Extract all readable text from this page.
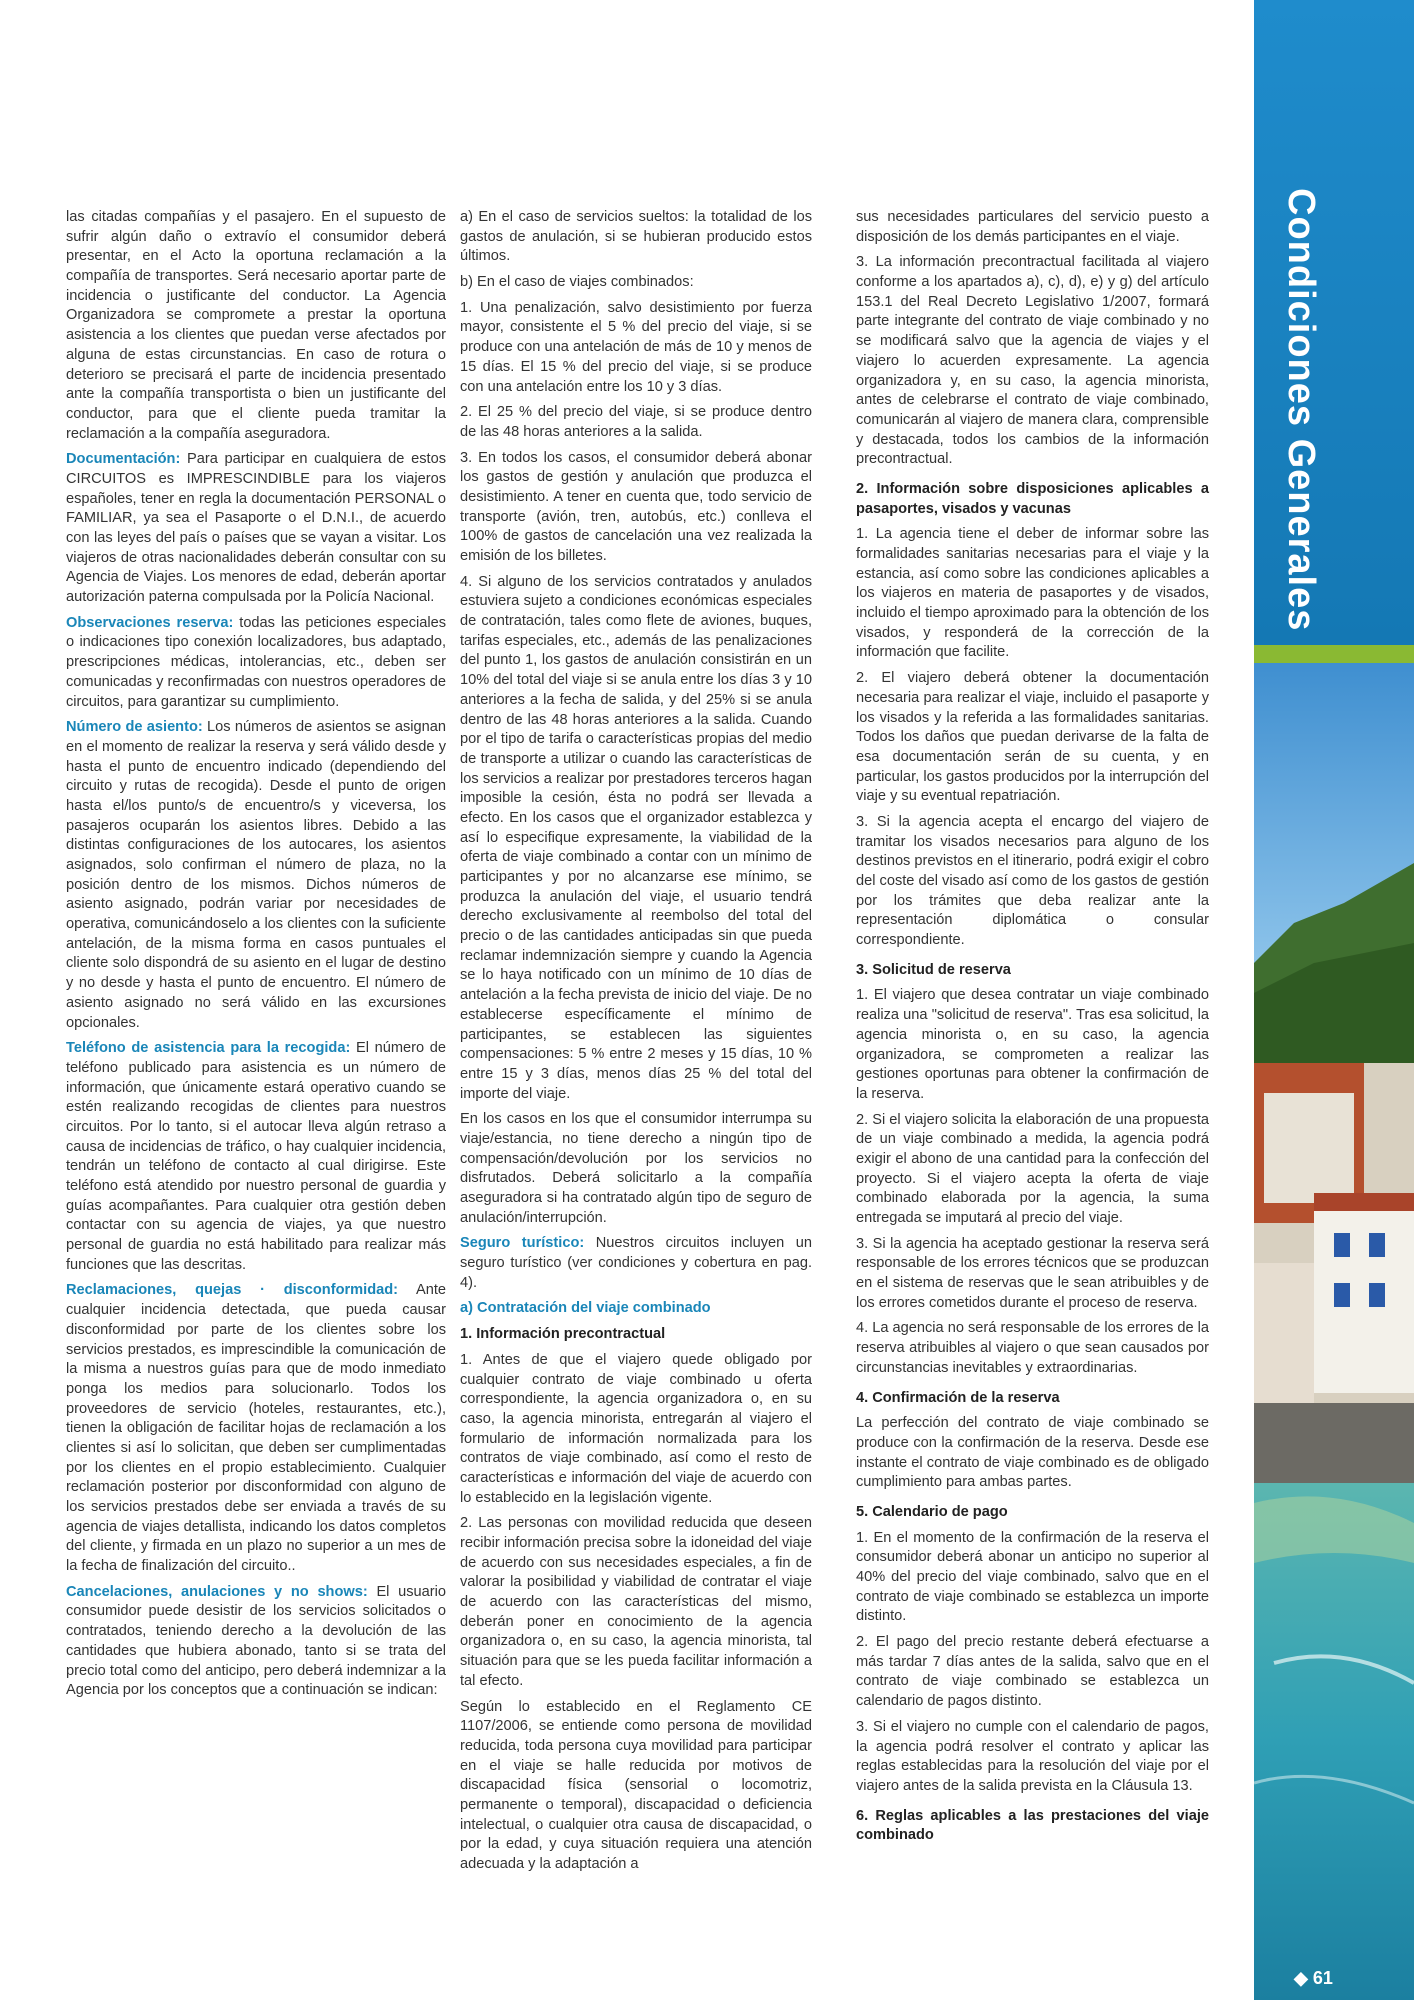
las citadas compañías y el pasajero. En el supuesto de sufrir algún daño o extravío el consumidor deberá presentar, en el Acto la oportuna reclamación a la compañía de transportes. Será necesario aportar parte de incidencia o justificante del conductor. La Agencia Organizadora se compromete a prestar la oportuna asistencia a los clientes que puedan verse afectados por alguna de estas circunstancias. En caso de rotura o deterioro se precisará el parte de incidencia presentado ante la compañía transportista o bien un justificante del conductor, para que el cliente pueda tramitar la reclamación a la compañía aseguradora.

Documentación: Para participar en cualquiera de estos CIRCUITOS es IMPRESCINDIBLE para los viajeros españoles, tener en regla la documentación PERSONAL o FAMILIAR, ya sea el Pasaporte o el D.N.I., de acuerdo con las leyes del país o países que se vayan a visitar. Los viajeros de otras nacionalidades deberán consultar con su Agencia de Viajes. Los menores de edad, deberán aportar autorización paterna compulsada por la Policía Nacional.

Observaciones reserva: todas las peticiones especiales o indicaciones tipo conexión localizadores, bus adaptado, prescripciones médicas, intolerancias, etc., deben ser comunicadas y reconfirmadas con nuestros operadores de circuitos, para garantizar su cumplimiento.

Número de asiento: Los números de asientos se asignan en el momento de realizar la reserva y será válido desde y hasta el punto de encuentro indicado (dependiendo del circuito y rutas de recogida). Desde el punto de origen hasta el/los punto/s de encuentro/s y viceversa, los pasajeros ocuparán los asientos libres. Debido a las distintas configuraciones de los autocares, los asientos asignados, solo confirman el número de plaza, no la posición dentro de los mismos. Dichos números de asiento asignado, podrán variar por necesidades de operativa, comunicándoselo a los clientes con la suficiente antelación, de la misma forma en casos puntuales el cliente solo dispondrá de su asiento en el lugar de destino y no desde y hasta el punto de encuentro. El número de asiento asignado no será válido en las excursiones opcionales.

Teléfono de asistencia para la recogida: El número de teléfono publicado para asistencia es un número de información, que únicamente estará operativo cuando se estén realizando recogidas de clientes para nuestros circuitos. Por lo tanto, si el autocar lleva algún retraso a causa de incidencias de tráfico, o hay cualquier incidencia, tendrán un teléfono de contacto al cual dirigirse. Este teléfono está atendido por nuestro personal de guardia y guías acompañantes. Para cualquier otra gestión deben contactar con su agencia de viajes, ya que nuestro personal de guardia no está habilitado para realizar más funciones que las descritas.

Reclamaciones, quejas · disconformidad: Ante cualquier incidencia detectada, que pueda causar disconformidad por parte de los clientes sobre los servicios prestados, es imprescindible la comunicación de la misma a nuestros guías para que de modo inmediato ponga los medios para solucionarlo. Todos los proveedores de servicio (hoteles, restaurantes, etc.), tienen la obligación de facilitar hojas de reclamación a los clientes si así lo solicitan, que deben ser cumplimentadas por los clientes en el propio establecimiento. Cualquier reclamación posterior por disconformidad con alguno de los servicios prestados debe ser enviada a través de su agencia de viajes detallista, indicando los datos completos del cliente, y firmada en un plazo no superior a un mes de la fecha de finalización del circuito..

Cancelaciones, anulaciones y no shows: El usuario consumidor puede desistir de los servicios solicitados o contratados, teniendo derecho a la devolución de las cantidades que hubiera abonado, tanto si se trata del precio total como del anticipo, pero deberá indemnizar a la Agencia por los conceptos que a continuación se indican:

a) En el caso de servicios sueltos: la totalidad de los gastos de anulación, si se hubieran producido estos últimos.

b) En el caso de viajes combinados:

1. Una penalización, salvo desistimiento por fuerza mayor, consistente el 5 % del precio del viaje, si se produce con una antelación de más de 10 y menos de 15 días. El 15 % del precio del viaje, si se produce con una antelación entre los 10 y 3 días.

2. El 25 % del precio del viaje, si se produce dentro de las 48 horas anteriores a la salida.

3. En todos los casos, el consumidor deberá abonar los gastos de gestión y anulación que produzca el desistimiento. A tener en cuenta que, todo servicio de transporte (avión, tren, autobús, etc.) conlleva el 100% de gastos de cancelación una vez realizada la emisión de los billetes.

4. Si alguno de los servicios contratados y anulados estuviera sujeto a condiciones económicas especiales de contratación, tales como flete de aviones, buques, tarifas especiales, etc., además de las penalizaciones del punto 1, los gastos de anulación consistirán en un 10% del total del viaje si se anula entre los días 3 y 10 anteriores a la fecha de salida, y del 25% si se anula dentro de las 48 horas anteriores a la salida. Cuando por el tipo de tarifa o características propias del medio de transporte a utilizar o cuando las características de los servicios a realizar por prestadores terceros hagan imposible la cesión, ésta no podrá ser llevada a efecto. En los casos que el organizador establezca y así lo especifique expresamente, la viabilidad de la oferta de viaje combinado a contar con un mínimo de participantes y por no alcanzarse ese mínimo, se produzca la anulación del viaje, el usuario tendrá derecho exclusivamente al reembolso del total del precio o de las cantidades anticipadas sin que pueda reclamar indemnización siempre y cuando la Agencia se lo haya notificado con un mínimo de 10 días de antelación a la fecha prevista de inicio del viaje. De no establecerse específicamente el mínimo de participantes, se establecen las siguientes compensaciones: 5 % entre 2 meses y 15 días, 10 % entre 15 y 3 días, menos días 25 % del total del importe del viaje.

En los casos en los que el consumidor interrumpa su viaje/estancia, no tiene derecho a ningún tipo de compensación/devolución por los servicios no disfrutados. Deberá solicitarlo a la compañía aseguradora si ha contratado algún tipo de seguro de anulación/interrupción.

Seguro turístico: Nuestros circuitos incluyen un seguro turístico (ver condiciones y cobertura en pag. 4).

a) Contratación del viaje combinado

1. Información precontractual

1. Antes de que el viajero quede obligado por cualquier contrato de viaje combinado u oferta correspondiente, la agencia organizadora o, en su caso, la agencia minorista, entregarán al viajero el formulario de información normalizada para los contratos de viaje combinado, así como el resto de características e información del viaje de acuerdo con lo establecido en la legislación vigente.

2. Las personas con movilidad reducida que deseen recibir información precisa sobre la idoneidad del viaje de acuerdo con sus necesidades especiales, a fin de valorar la posibilidad y viabilidad de contratar el viaje de acuerdo con las características del mismo, deberán poner en conocimiento de la agencia organizadora o, en su caso, la agencia minorista, tal situación para que se les pueda facilitar información a tal efecto.

Según lo establecido en el Reglamento CE 1107/2006, se entiende como persona de movilidad reducida, toda persona cuya movilidad para participar en el viaje se halle reducida por motivos de discapacidad física (sensorial o locomotriz, permanente o temporal), discapacidad o deficiencia intelectual, o cualquier otra causa de discapacidad, o por la edad, y cuya situación requiera una atención adecuada y la adaptación a

sus necesidades particulares del servicio puesto a disposición de los demás participantes en el viaje.

3. La información precontractual facilitada al viajero conforme a los apartados a), c), d), e) y g) del artículo 153.1 del Real Decreto Legislativo 1/2007, formará parte integrante del contrato de viaje combinado y no se modificará salvo que la agencia de viajes y el viajero lo acuerden expresamente. La agencia organizadora y, en su caso, la agencia minorista, antes de celebrarse el contrato de viaje combinado, comunicarán al viajero de manera clara, comprensible y destacada, todos los cambios de la información precontractual.

2. Información sobre disposiciones aplicables a pasaportes, visados y vacunas

1. La agencia tiene el deber de informar sobre las formalidades sanitarias necesarias para el viaje y la estancia, así como sobre las condiciones aplicables a los viajeros en materia de pasaportes y de visados, incluido el tiempo aproximado para la obtención de los visados, y responderá de la corrección de la información que facilite.

2. El viajero deberá obtener la documentación necesaria para realizar el viaje, incluido el pasaporte y los visados y la referida a las formalidades sanitarias. Todos los daños que puedan derivarse de la falta de esa documentación serán de su cuenta, y en particular, los gastos producidos por la interrupción del viaje y su eventual repatriación.

3. Si la agencia acepta el encargo del viajero de tramitar los visados necesarios para alguno de los destinos previstos en el itinerario, podrá exigir el cobro del coste del visado así como de los gastos de gestión por los trámites que deba realizar ante la representación diplomática o consular correspondiente.

3. Solicitud de reserva

1. El viajero que desea contratar un viaje combinado realiza una "solicitud de reserva". Tras esa solicitud, la agencia minorista o, en su caso, la agencia organizadora, se comprometen a realizar las gestiones oportunas para obtener la confirmación de la reserva.

2. Si el viajero solicita la elaboración de una propuesta de un viaje combinado a medida, la agencia podrá exigir el abono de una cantidad para la confección del proyecto. Si el viajero acepta la oferta de viaje combinado elaborada por la agencia, la suma entregada se imputará al precio del viaje.

3. Si la agencia ha aceptado gestionar la reserva será responsable de los errores técnicos que se produzcan en el sistema de reservas que le sean atribuibles y de los errores cometidos durante el proceso de reserva.

4. La agencia no será responsable de los errores de la reserva atribuibles al viajero o que sean causados por circunstancias inevitables y extraordinarias.

4. Confirmación de la reserva

La perfección del contrato de viaje combinado se produce con la confirmación de la reserva. Desde ese instante el contrato de viaje combinado es de obligado cumplimiento para ambas partes.

5. Calendario de pago

1. En el momento de la confirmación de la reserva el consumidor deberá abonar un anticipo no superior al 40% del precio del viaje combinado, salvo que en el contrato de viaje combinado se establezca un importe distinto.

2. El pago del precio restante deberá efectuarse a más tardar 7 días antes de la salida, salvo que en el contrato de viaje combinado se establezca un calendario de pagos distinto.

3. Si el viajero no cumple con el calendario de pagos, la agencia podrá resolver el contrato y aplicar las reglas establecidas para la resolución del viaje por el viajero antes de la salida prevista en la Cláusula 13.

6. Reglas aplicables a las prestaciones del viaje combinado

Condiciones Generales
◆ 61
